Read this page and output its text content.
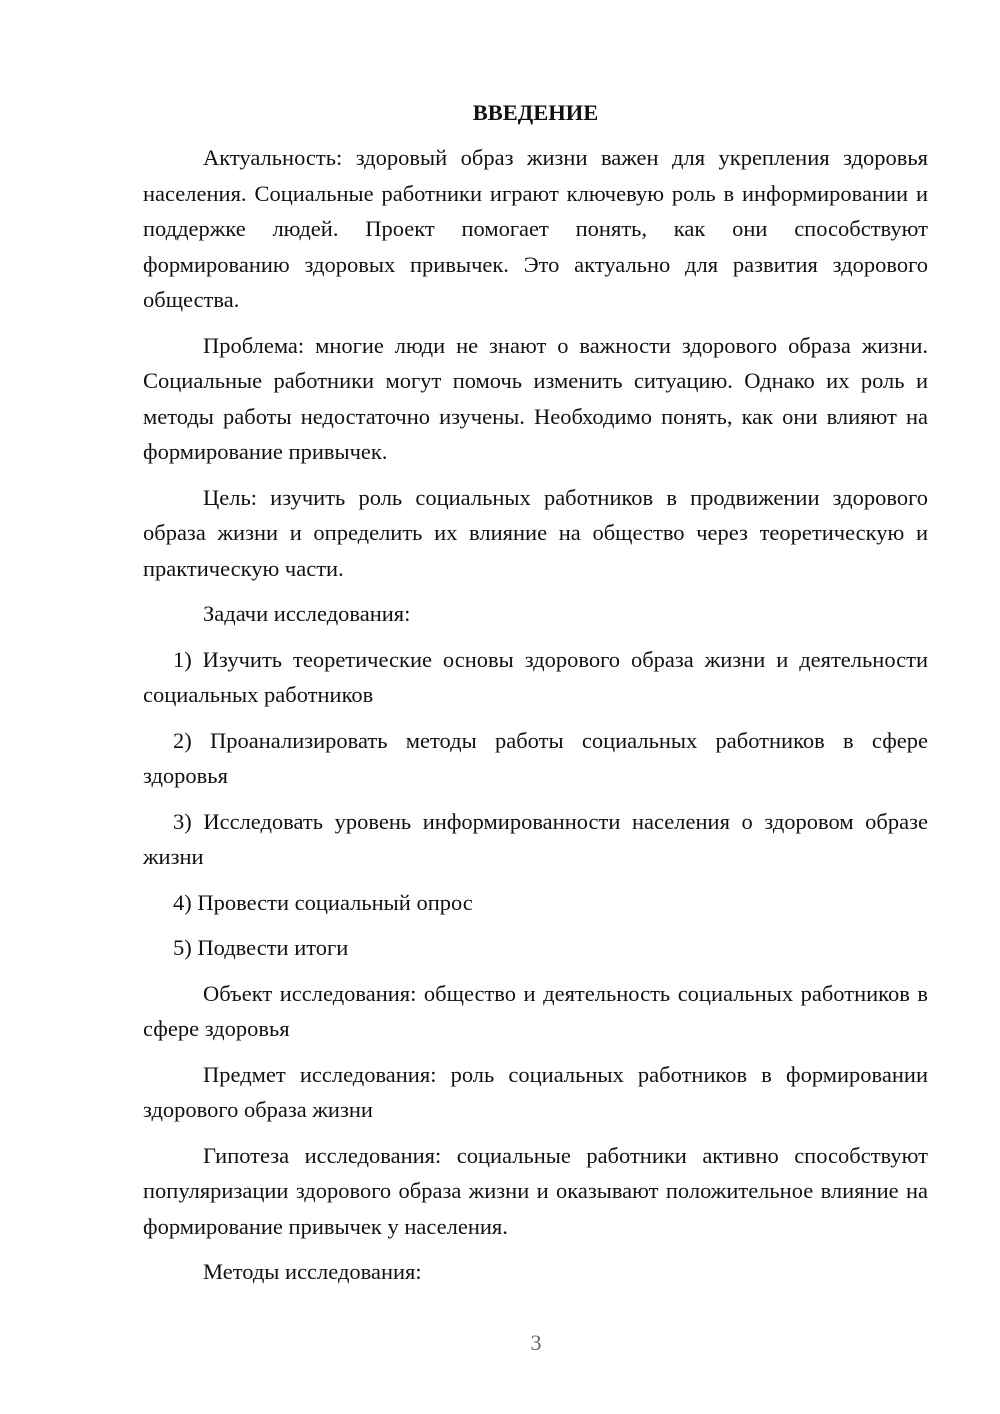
ВВЕДЕНИЕ

Актуальность: здоровый образ жизни важен для укрепления здоровья населения. Социальные работники играют ключевую роль в информировании и поддержке людей. Проект помогает понять, как они способствуют формированию здоровых привычек. Это актуально для развития здорового общества.

Проблема: многие люди не знают о важности здорового образа жизни. Социальные работники могут помочь изменить ситуацию. Однако их роль и методы работы недостаточно изучены. Необходимо понять, как они влияют на формирование привычек.

Цель: изучить роль социальных работников в продвижении здорового образа жизни и определить их влияние на общество через теоретическую и практическую части.

Задачи исследования:

1) Изучить теоретические основы здорового образа жизни и деятельности социальных работников

2) Проанализировать методы работы социальных работников в сфере здоровья

3) Исследовать уровень информированности населения о здоровом образе жизни

4) Провести социальный опрос

5) Подвести итоги

Объект исследования: общество и деятельность социальных работников в сфере здоровья

Предмет исследования: роль социальных работников в формировании здорового образа жизни

Гипотеза исследования: социальные работники активно способствуют популяризации здорового образа жизни и оказывают положительное влияние на формирование привычек у населения.

Методы исследования:

3
